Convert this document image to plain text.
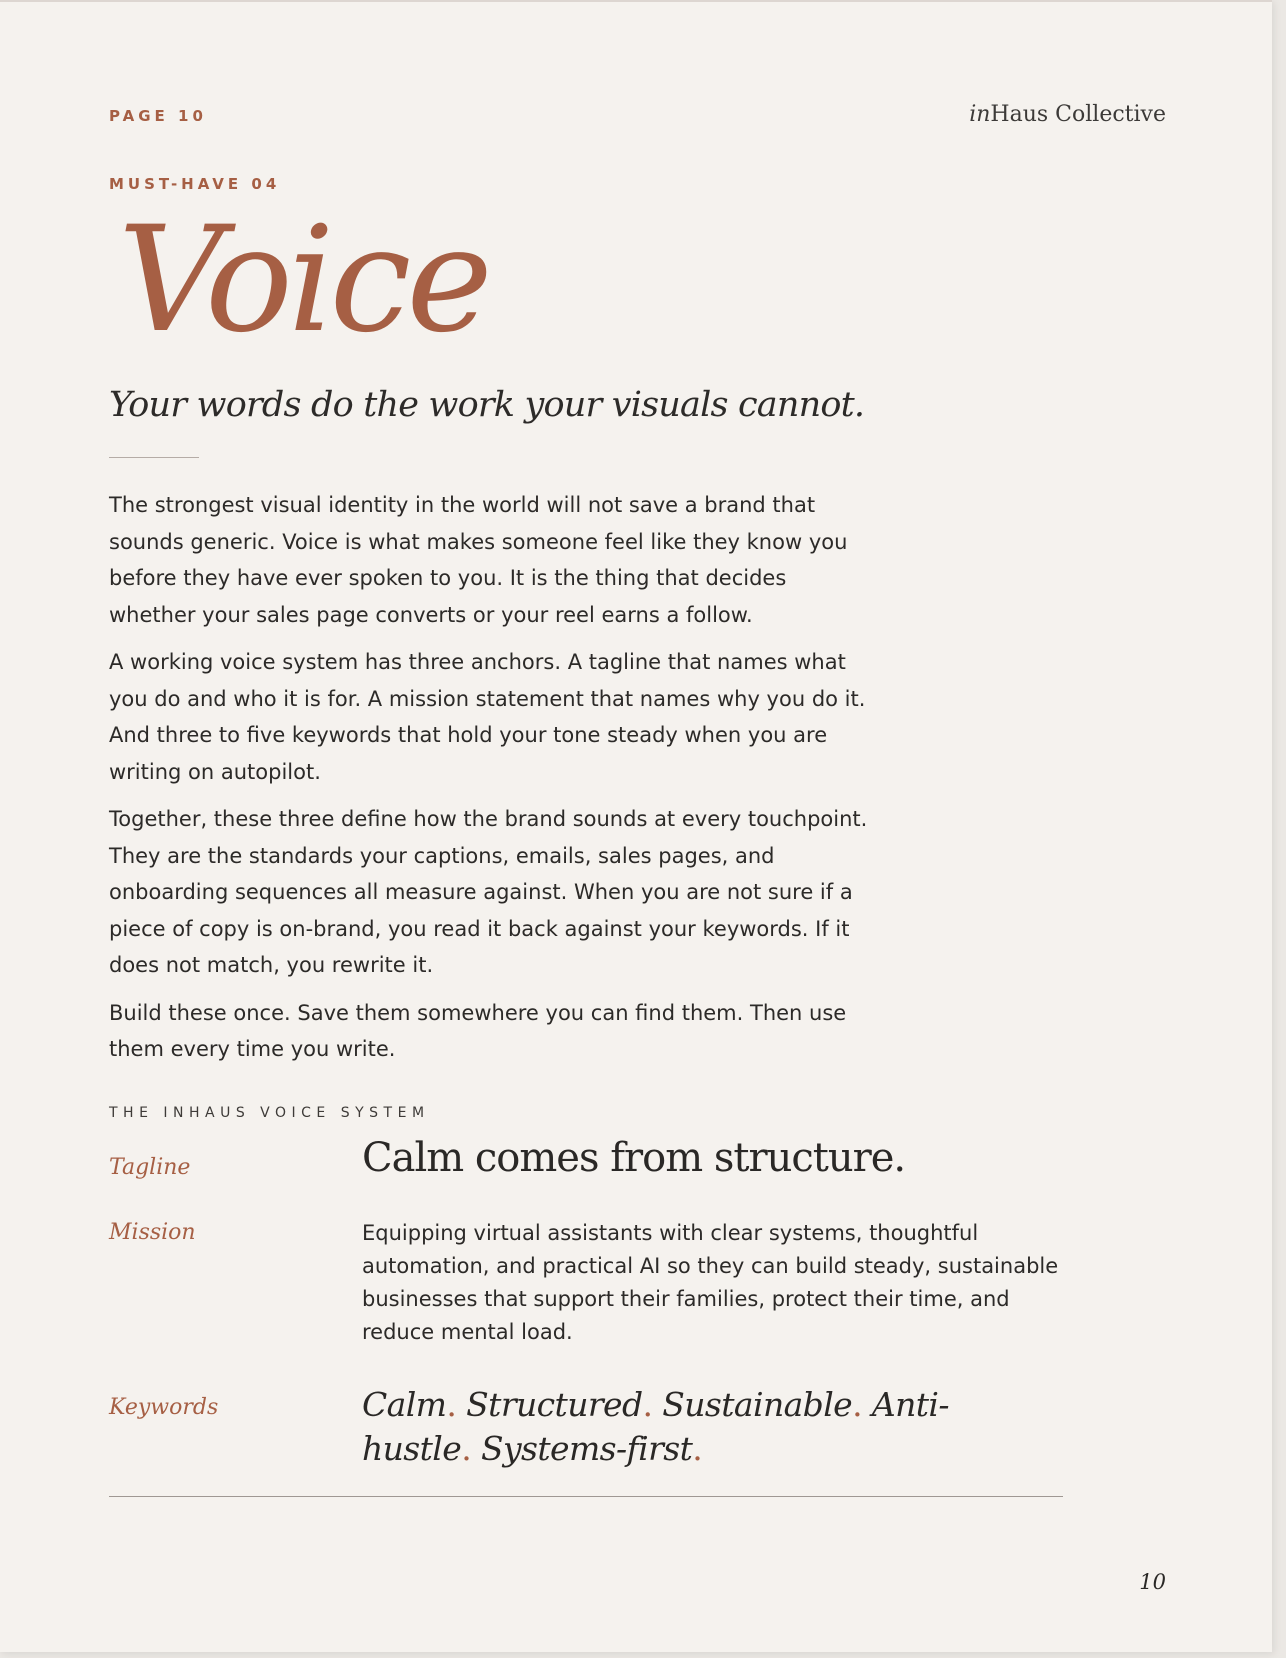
PAGE 10	inHaus Collective
MUST-HAVE 04
Voice
Your words do the work your visuals cannot.

The strongest visual identity in the world will not save a brand that sounds generic. Voice is what makes someone feel like they know you before they have ever spoken to you. It is the thing that decides whether your sales page converts or your reel earns a follow.

A working voice system has three anchors. A tagline that names what you do and who it is for. A mission statement that names why you do it. And three to five keywords that hold your tone steady when you are writing on autopilot.

Together, these three define how the brand sounds at every touchpoint. They are the standards your captions, emails, sales pages, and onboarding sequences all measure against. When you are not sure if a piece of copy is on-brand, you read it back against your keywords. If it does not match, you rewrite it.

Build these once. Save them somewhere you can find them. Then use them every time you write.

THE INHAUS VOICE SYSTEM
Tagline	Calm comes from structure.
Mission	Equipping virtual assistants with clear systems, thoughtful automation, and practical AI so they can build steady, sustainable businesses that support their families, protect their time, and reduce mental load.
Keywords	Calm. Structured. Sustainable. Anti-hustle. Systems-first.
10
